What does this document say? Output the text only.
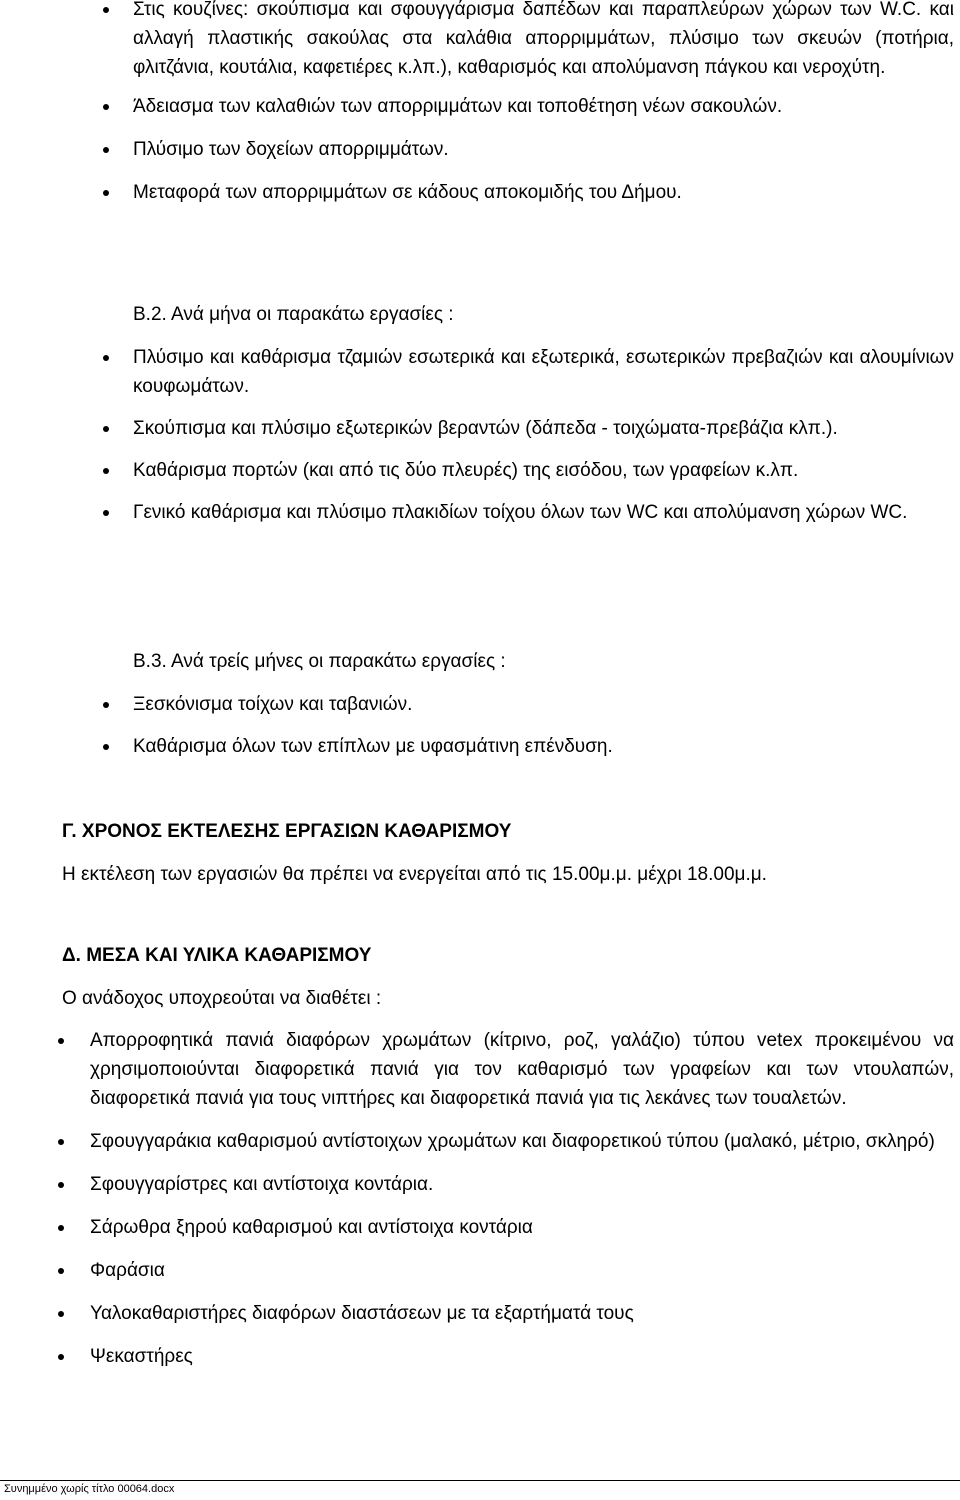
Στις κουζίνες: σκούπισμα και σφουγγάρισμα δαπέδων και παραπλεύρων χώρων των W.C. και αλλαγή πλαστικής σακούλας στα καλάθια απορριμμάτων, πλύσιμο των σκευών (ποτήρια, φλιτζάνια, κουτάλια, καφετιέρες κ.λπ.), καθαρισμός και απολύμανση πάγκου και νεροχύτη.
Άδειασμα των καλαθιών των απορριμμάτων και τοποθέτηση νέων σακουλών.
Πλύσιμο των δοχείων απορριμμάτων.
Μεταφορά των απορριμμάτων σε κάδους αποκομιδής του Δήμου.
Β.2. Ανά μήνα οι παρακάτω εργασίες :
Πλύσιμο και καθάρισμα τζαμιών εσωτερικά και εξωτερικά, εσωτερικών πρεβαζιών και αλουμίνιων κουφωμάτων.
Σκούπισμα και πλύσιμο εξωτερικών βεραντών (δάπεδα - τοιχώματα-πρεβάζια κλπ.).
Καθάρισμα πορτών (και από τις δύο πλευρές) της εισόδου, των γραφείων κ.λπ.
Γενικό καθάρισμα και πλύσιμο πλακιδίων τοίχου όλων των WC και απολύμανση χώρων WC.
Β.3. Ανά τρείς μήνες οι παρακάτω εργασίες :
Ξεσκόνισμα τοίχων και ταβανιών.
Καθάρισμα όλων των επίπλων με υφασμάτινη επένδυση.
Γ. ΧΡΟΝΟΣ ΕΚΤΕΛΕΣΗΣ ΕΡΓΑΣΙΩΝ ΚΑΘΑΡΙΣΜΟΥ
Η εκτέλεση των εργασιών θα πρέπει να ενεργείται από τις 15.00μ.μ. μέχρι 18.00μ.μ.
Δ. ΜΕΣΑ ΚΑΙ ΥΛΙΚΑ ΚΑΘΑΡΙΣΜΟΥ
Ο ανάδοχος υποχρεούται να διαθέτει :
Απορροφητικά πανιά διαφόρων χρωμάτων (κίτρινο, ροζ, γαλάζιο) τύπου vetex προκειμένου να χρησιμοποιούνται διαφορετικά πανιά για τον καθαρισμό των γραφείων και των ντουλαπών, διαφορετικά πανιά για τους νιπτήρες και διαφορετικά πανιά για τις λεκάνες των τουαλετών.
Σφουγγαράκια καθαρισμού αντίστοιχων χρωμάτων και διαφορετικού τύπου (μαλακό, μέτριο, σκληρό)
Σφουγγαρίστρες και αντίστοιχα κοντάρια.
Σάρωθρα ξηρού καθαρισμού και αντίστοιχα κοντάρια
Φαράσια
Υαλοκαθαριστήρες διαφόρων διαστάσεων με τα εξαρτήματά τους
Ψεκαστήρες
Συνημμένο χωρίς τίτλο 00064.docx
